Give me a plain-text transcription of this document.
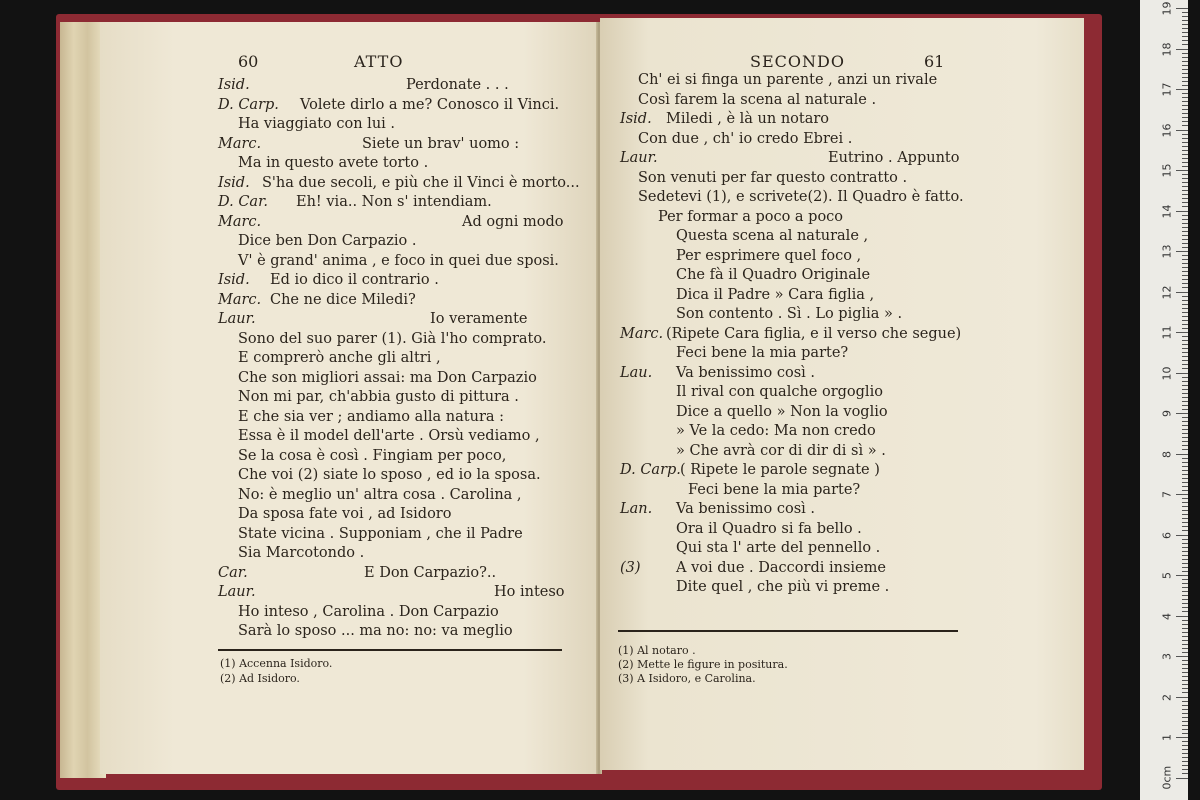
60	ATTO
Isid.	Perdonate . . .
D. Carp. Volete dirlo a me? Conosco il Vinci.
Ha viaggiato con lui .
Marc.	Siete un brav' uomo :
Ma in questo avete torto .
Isid. S'ha due secoli, e più che il Vinci è morto...
D. Car. Eh! via.. Non s' intendiam.
Marc.	Ad ogni modo
Dice ben Don Carpazio .
V' è grand' anima , e foco in quei due sposi.
Isid. Ed io dico il contrario .
Marc. Che ne dice Miledi?
Laur.	Io veramente
Sono del suo parer (1). Già l'ho comprato.
E comprerò anche gli altri ,
Che son migliori assai: ma Don Carpazio
Non mi par, ch'abbia gusto di pittura .
E che sia ver ; andiamo alla natura :
Essa è il model dell'arte . Orsù vediamo ,
Se la cosa è così . Fingiam per poco,
Che voi (2) siate lo sposo , ed io la sposa.
No: è meglio un' altra cosa . Carolina ,
Da sposa fate voi , ad Isidoro
State vicina . Supponiam , che il Padre
Sia Marcotondo .
Car.	E Don Carpazio?..
Laur.	Ho inteso
Ho inteso , Carolina . Don Carpazio
Sarà lo sposo ... ma no: no: va meglio
(1) Accenna Isidoro.
(2) Ad Isidoro.
SECONDO	61
Ch' ei si finga un parente , anzi un rivale
Così farem la scena al naturale .
Isid. Miledi , è là un notaro
Con due , ch' io credo Ebrei .
Laur.	Eutrino . Appunto
Son venuti per far questo contratto .
Sedetevi (1), e scrivete(2). Il Quadro è fatto.
Per formar a poco a poco
Questa scena al naturale ,
Per esprimere quel foco ,
Che fà il Quadro Originale
Dica il Padre » Cara figlia ,
Son contento . Sì . Lo piglia » .
Marc. (Ripete Cara figlia, e il verso che segue)
Feci bene la mia parte?
Lau. Va benissimo così .
Il rival con qualche orgoglio
Dice a quello » Non la voglio
» Ve la cedo: Ma non credo
» Che avrà cor di dir di sì » .
D. Carp. ( Ripete le parole segnate )
Feci bene la mia parte?
Lan. Va benissimo così .
Ora il Quadro si fa bello .
Qui sta l' arte del pennello .
(3) A voi due . Daccordi insieme
Dite quel , che più vi preme .
(1) Al notaro .
(2) Mette le figure in positura.
(3) A Isidoro, e Carolina.
19
18
17
16
15
14
13
12
11
10
9
8
7
6
5
4
3
2
1
0cm
